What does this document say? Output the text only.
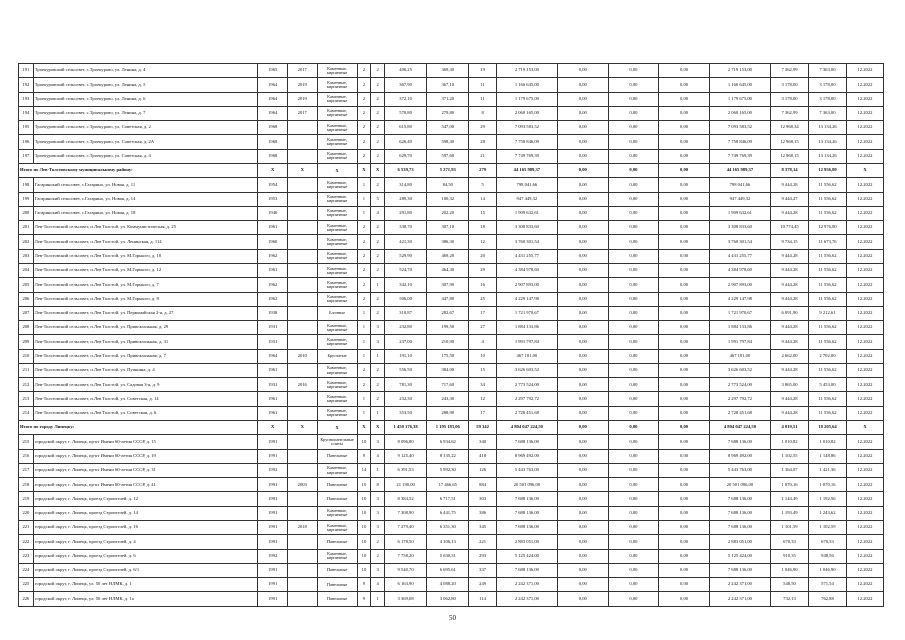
191	Троекуровский сельсовет, с.Троекурово, ул. Ленина, д. 4	1965	2017	Каменные, кирпичные	2	2	406,25	369,30	19	2 719 153,00	0,00	0,00	0,00	2 719 153,00	7 362,99	7 363,00	12.2022
192	Троекуровский сельсовет, с.Троекурово, ул. Ленина, д. 5	1964	2019	Каменные, кирпичные	2	2	367,90	367,10	11	1 166 645,00	0,00	0,00	0,00	1 166 645,00	3 178,00	3 178,00	12.2022
193	Троекуровский сельсовет, с.Троекурово, ул. Ленина, д. 6	1964	2019	Каменные, кирпичные	2	2	372,10	371,20	11	1 179 675,00	0,00	0,00	0,00	1 179 675,00	3 178,00	3 178,00	12.2022
194	Троекуровский сельсовет, с.Троекурово, ул. Ленина, д. 7	1964	2017	Каменные, кирпичные	2	2	570,80	279,80	8	2 060 165,00	0,00	0,00	0,00	2 060 165,00	7 362,99	7 363,00	12.2022
195	Троекуровский сельсовет, с.Троекурово, ул. Советская, д. 2	1968		Каменные, кирпичные	2	2	615,80	547,00	29	7 093 583,52	0,00	0,00	0,00	7 093 583,52	12 968,34	13 134,26	12.2022
196	Троекуровский сельсовет, с.Троекурово, ул. Советская, д. 2А	1968		Каменные, кирпичные	2	2	626,40	598,30	28	7 758 846,09	0,00	0,00	0,00	7 758 846,09	12 968,15	13 134,26	12.2022
197	Троекуровский сельсовет, с.Троекурово, ул. Советская, д. 4	1968		Каменные, кирпичные	2	2	629,70	597,60	21	7 749 769,39	0,00	0,00	0,00	7 749 769,39	12 968,15	13 134,26	12.2022
Итого по Лев-Толстовскому муниципальному району:		X	X	X	X	X	6 539,73	5 271,93	279	44 165 989,37	0,00	0,00	0,00	44 165 989,37	8 378,14	12 956,80	X
198	Гагаринский сельсовет, с.Гагарино, ул. Новая, д. 11	1954		Каменные, кирпичные	1	2	314,80	84,50	5	798 041,66	0,00	0,00	0,00	798 041,66	9 444,28	11 556,62	12.2022
199	Гагаринский сельсовет, с.Гагарино, ул. Новая, д. 14	1953		Каменные, кирпичные	1	5	289,30	100,32	14	947 449,32	0,00	0,00	0,00	947 449,32	9 444,27	11 556,62	12.2022
200	Гагаринский сельсовет, с.Гагарино, ул. Новая, д. 18	1946		Каменные, кирпичные	1	4	291,80	202,20	15	1 909 632,61	0,00	0,00	0,00	1 909 632,61	9 444,28	11 556,62	12.2022
201	Лев-Толстовский сельсовет, п.Лев Толстой, ул. Коммунистическая, д. 25	1961		Каменные, кирпичные	2	2	338,70	307,10	18	3 308 833,60	0,00	0,00	0,00	3 308 833,60	10 774,45	12 976,80	12.2022
202	Лев-Толстовский сельсовет, п.Лев Толстой, ул. Ленинская, д. 114	1960		Каменные, кирпичные	2	2	421,30	386,30	12	3 760 301,54	0,00	0,00	0,00	3 760 301,54	9 734,15	11 673,76	12.2022
203	Лев-Толстовский сельсовет, п.Лев Толстой, ул. М.Горького, д. 10	1962		Каменные, кирпичные	2	2	529,90	469,20	20	4 431 255,77	0,00	0,00	0,00	4 431 255,77	9 444,28	11 556,62	12.2022
204	Лев-Толстовский сельсовет, п.Лев Толстой, ул. М.Горького, д. 12	1961		Каменные, кирпичные	2	2	524,70	464,30	29	4 384 978,60	0,00	0,00	0,00	4 384 978,60	9 444,28	11 556,62	12.2022
205	Лев-Толстовский сельсовет, п.Лев Толстой, ул. М.Горького, д. 7	1962		Каменные, кирпичные	2	1	342,10	307,90	16	2 907 893,00	0,00	0,00	0,00	2 907 893,00	9 444,28	11 556,62	12.2022
206	Лев-Толстовский сельсовет, п.Лев Толстой, ул. М.Горького, д. 8	1962		Каменные, кирпичные	2	2	506,00	447,80	25	4 229 147,98	0,00	0,00	0,00	4 229 147,98	9 444,28	11 556,62	12.2022
207	Лев-Толстовский сельсовет, п.Лев Толстой, ул. Первомайская 2-я, д. 27	1938		Блочные	1	2	310,87	282,67	17	1 721 970,67	0,00	0,00	0,00	1 721 970,67	6 091,90	9 212,61	12.2022
208	Лев-Толстовский сельсовет, п.Лев Толстой, ул. Привокзальная, д. 29	1931		Каменные, кирпичные	1	3	232,80	199,50	27	1 884 133,86	0,00	0,00	0,00	1 884 133,86	9 444,28	11 556,62	12.2022
209	Лев-Толстовский сельсовет, п.Лев Толстой, ул. Привокзальная, д. 31	1931		Каменные, кирпичные	1	3	237,00	210,90	4	1 991 797,84	0,00	0,00	0,00	1 991 797,84	9 444,28	11 556,62	12.2022
210	Лев-Толстовский сельсовет, п.Лев Толстой, ул. Привокзальная, д. 7	1964	2010	Брусчатые	1	1	191,10	175,50	10	467 181,00	0,00	0,00	0,00	467 181,00	2 662,00	2 702,00	12.2022
211	Лев-Толстовский сельсовет, п.Лев Толстой, ул. Пушкина, д. 4	1961		Каменные, кирпичные	2	2	556,50	384,00	15	3 626 603,52	0,00	0,00	0,00	3 626 603,52	9 444,28	11 556,62	12.2022
212	Лев-Толстовский сельсовет, п.Лев Толстой, ул. Садовая 3-я, д. 9	1931	2016	Каменные, кирпичные	2	2	781,30	717,60	34	2 773 524,00	0,00	0,00	0,00	2 773 524,00	3 865,00	5 453,00	12.2022
213	Лев-Толстовский сельсовет, п.Лев Толстой, ул. Советская, д. 14	1961		Каменные, кирпичные	1	2	232,30	243,30	12	2 297 792,72	0,00	0,00	0,00	2 297 792,72	9 444,28	11 556,62	12.2022
214	Лев-Толстовский сельсовет, п.Лев Толстой, ул. Советская, д. 6	1961		Каменные, кирпичные	1	1	353,50	288,90	17	2 728 451,68	0,00	0,00	0,00	2 728 451,68	9 444,28	11 556,62	12.2022
Итого по городу Липецку:		X	X	X	X	X	1 450 176,38	1 195 183,06	59 342	4 804 047 224,50	0,00	0,00	0,00	4 804 047 224,50	4 019,51	18 205,64	X
215	городской округ, г. Липецк, пр-кт Имени 60-летия СССР, д. 15	1991		Крупнопанельные плиты	10	3	8 096,80	6 934,62	340	7 688 136,00	0,00	0,00	0,00	7 688 136,00	1 010,82	1 010,82	12.2022
216	городской округ, г. Липецк, пр-кт Имени 60-летия СССР, д. 19	1991		Панельные	9	4	9 125,40	8 135,22	418	8 969 492,00	0,00	0,00	0,00	8 969 492,00	1 102,55	1 148,86	12.2022
217	городской округ, г. Липецк, пр-кт Имени 60-летия СССР, д. 31	1992		Каменные, кирпичные	14	1	6 391,53	5 992,30	126	5 443 763,00	0,00	0,00	0,00	5 443 763,00	1 364,07	1 421,36	12.2022
218	городской округ, г. Липецк, пр-кт Имени 60-летия СССР, д. 41	1991	2003	Панельные	10	8	21 190,00	17 466,65	884	20 501 096,00	0,00	0,00	0,00	20 501 096,00	1 070,16	1 070,16	12.2022
219	городской округ, г. Липецк, проезд Строителей, д. 12	1991		Панельные	10	3	8 384,52	6 717,51	303	7 688 136,00	0,00	0,00	0,00	7 688 136,00	1 144,49	1 192,56	12.2022
220	городской округ, г. Липецк, проезд Строителей, д. 14	1991		Каменные, кирпичные	10	3	7 308,90	6 441,75	386	7 688 136,00	0,00	0,00	0,00	7 688 136,00	1 193,49	1 243,62	12.2022
221	городской округ, г. Липецк, проезд Строителей, д. 16	1991	2018	Каменные, кирпичные	10	3	7 279,40	6 351,30	345	7 688 136,00	0,00	0,00	0,00	7 688 136,00	1 101,59	1 102,59	12.2022
222	городской округ, г. Липецк, проезд Строителей, д. 4	1991		Панельные	10	2	6 178,50	4 106,13	221	2 883 051,00	0,00	0,00	0,00	2 883 051,00	670,33	670,33	12.2022
223	городской округ, г. Липецк, проезд Строителей, д. 6	1992		Каменные, кирпичные	10	2	7 758,20	5 630,31	293	5 125 424,00	0,00	0,00	0,00	5 125 424,00	910,35	948,56	12.2022
224	городской округ, г. Липецк, проезд Строителей, д. 6/1	1991		Панельные	10	3	9 540,70	6 695,61	337	7 688 136,00	0,00	0,00	0,00	7 688 136,00	1 046,90	1 046,90	12.2022
225	городской округ, г. Липецк, ул. 50 лет НЛМК, д. 1	1991		Панельные	9	4	6 163,90	4 088,20	249	2 242 371,00	0,00	0,00	0,00	2 242 371,00	548,50	571,54	12.2022
226	городской округ, г. Липецк, ул. 50 лет НЛМК, д. 1а	1991		Панельные	9	1	3 369,08	3 062,80	114	2 242 371,00	0,00	0,00	0,00	2 242 371,00	732,13	762,88	12.2022
50
